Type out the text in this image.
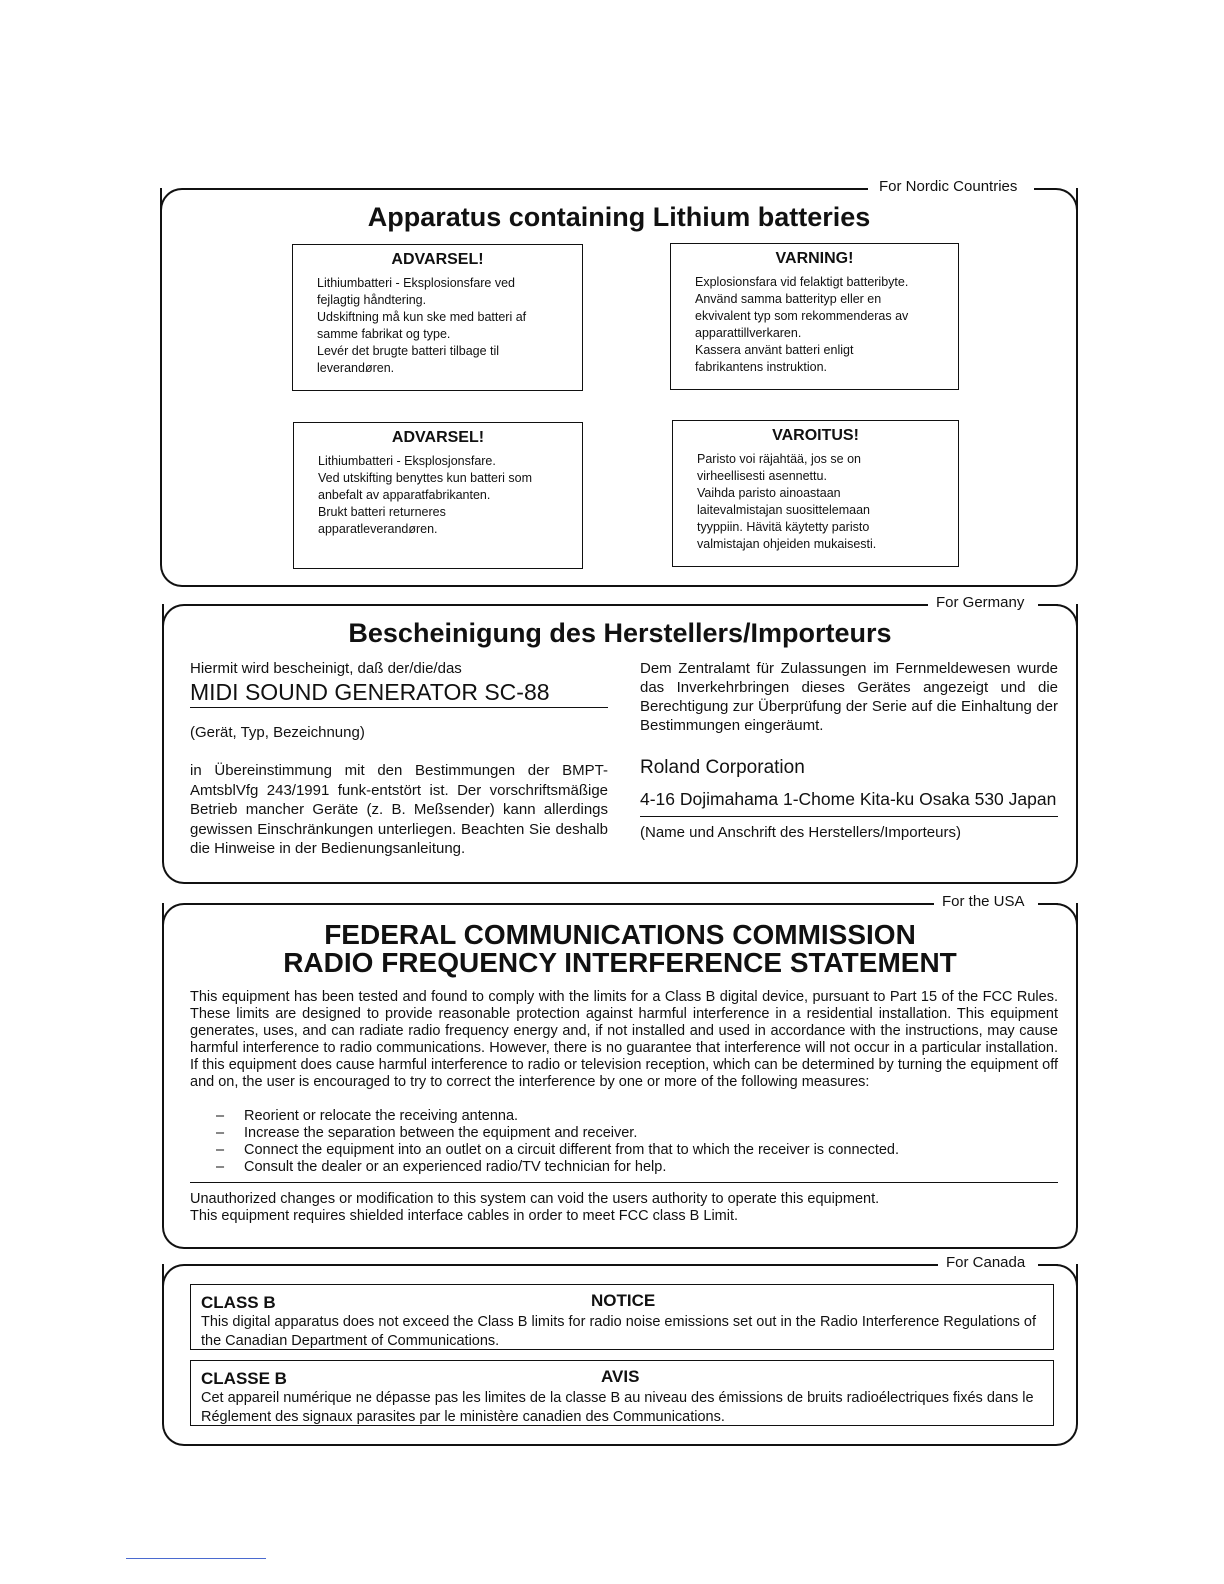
For Nordic Countries
Apparatus containing Lithium batteries
ADVARSEL!
Lithiumbatteri - Eksplosionsfare ved
fejlagtig håndtering.
Udskiftning må kun ske med batteri af
samme fabrikat og type.
Levér det brugte batteri tilbage til
leverandøren.
VARNING!
Explosionsfara vid felaktigt batteribyte.
Använd samma batterityp eller en
ekvivalent typ som rekommenderas av
apparattillverkaren.
Kassera använt batteri enligt
fabrikantens instruktion.
ADVARSEL!
Lithiumbatteri - Eksplosjonsfare.
Ved utskifting benyttes kun batteri som
anbefalt av apparatfabrikanten.
Brukt batteri returneres
apparatleverandøren.
VAROITUS!
Paristo voi räjahtää, jos se on
virheellisesti asennettu.
Vaihda paristo ainoastaan
laitevalmistajan suosittelemaan
tyyppiin. Hävitä käytetty paristo
valmistajan ohjeiden mukaisesti.
For Germany
Bescheinigung des Herstellers/Importeurs
Hiermit wird bescheinigt, daß der/die/das
MIDI SOUND GENERATOR SC-88
(Gerät, Typ, Bezeichnung)
in Übereinstimmung mit den Bestimmungen der BMPT-AmtsblVfg 243/1991 funk-entstört ist. Der vorschriftsmäßige Betrieb mancher Geräte (z. B. Meßsender) kann allerdings gewissen Einschränkungen unterliegen. Beachten Sie deshalb die Hinweise in der Bedienungsanleitung.
Dem Zentralamt für Zulassungen im Fernmeldewesen wurde das Inverkehrbringen dieses Gerätes angezeigt und die Berechtigung zur Überprüfung der Serie auf die Einhaltung der Bestimmungen eingeräumt.
Roland Corporation
4-16 Dojimahama 1-Chome Kita-ku Osaka 530 Japan
(Name und Anschrift des Herstellers/Importeurs)
For the USA
FEDERAL COMMUNICATIONS COMMISSION
RADIO FREQUENCY INTERFERENCE STATEMENT
This equipment has been tested and found to comply with the limits for a Class B digital device, pursuant to Part 15 of the FCC Rules. These limits are designed to provide reasonable protection against harmful interference in a residential installation. This equipment generates, uses, and can radiate radio frequency energy and, if not installed and used in accordance with the instructions, may cause harmful interference to radio communications. However, there is no guarantee that interference will not occur in a particular installation. If this equipment does cause harmful interference to radio or television reception, which can be determined by turning the equipment off and on, the user is encouraged to try to correct the interference by one or more of the following measures:
– Reorient or relocate the receiving antenna.
– Increase the separation between the equipment and receiver.
– Connect the equipment into an outlet on a circuit different from that to which the receiver is connected.
– Consult the dealer or an experienced radio/TV technician for help.
Unauthorized changes or modification to this system can void the users authority to operate this equipment.
This equipment requires shielded interface cables in order to meet FCC class B Limit.
For Canada
CLASS B	NOTICE
This digital apparatus does not exceed the Class B limits for radio noise emissions set out in the Radio Interference Regulations of the Canadian Department of Communications.
CLASSE B	AVIS
Cet appareil numérique ne dépasse pas les limites de la classe B au niveau des émissions de bruits radioélectriques fixés dans le Réglement des signaux parasites par le ministère canadien des Communications.
